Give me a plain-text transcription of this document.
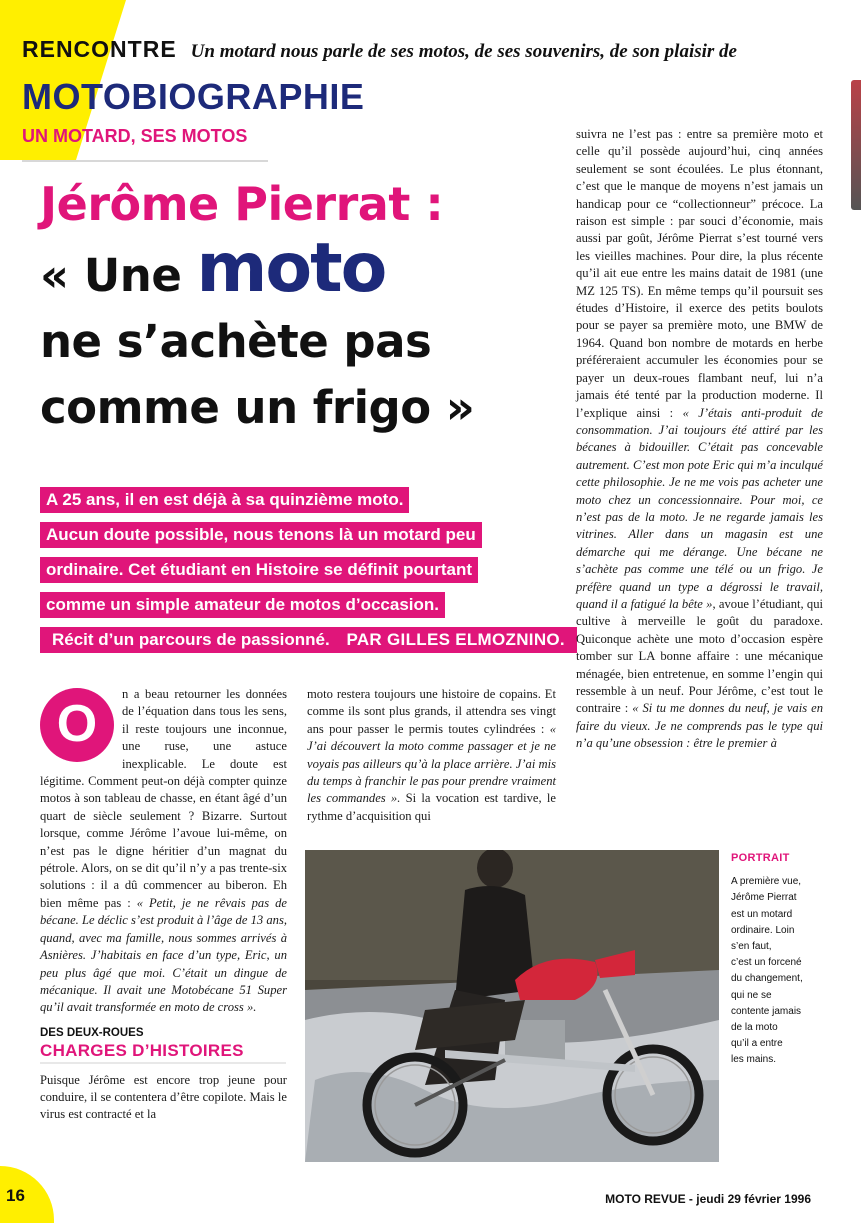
RENCONTRE Un motard nous parle de ses motos, de ses souvenirs, de son plaisir de
MOTOBIOGRAPHIE
UN MOTARD, SES MOTOS
Jérôme Pierrat :
« Une moto
ne s’achète pas
comme un frigo »
A 25 ans, il en est déjà à sa quinzième moto.
Aucun doute possible, nous tenons là un motard peu
ordinaire. Cet étudiant en Histoire se définit pourtant
comme un simple amateur de motos d’occasion.
Récit d’un parcours de passionné. PAR GILLES ELMOZNINO.
O

n a beau retourner les données de l’équation dans tous les sens, il reste toujours une inconnue, une ruse, une astuce inexplicable. Le doute est légitime. Comment peut-on déjà compter quinze motos à son tableau de chasse, en étant âgé d’un quart de siècle seulement ? Bizarre. Surtout lorsque, comme Jérôme l’avoue lui-même, on n’est pas le digne héritier d’un magnat du pétrole. Alors, on se dit qu’il n’y a pas trente-six solutions : il a dû commencer au biberon. Eh bien même pas : « Petit, je ne rêvais pas de bécane. Le déclic s’est produit à l’âge de 13 ans, quand, avec ma famille, nous sommes arrivés à Asnières. J’habitais en face d’un type, Eric, un peu plus âgé que moi. C’était un dingue de mécanique. Il avait une Motobécane 51 Super qu’il avait transformée en moto de cross ».

DES DEUX-ROUES
CHARGES D’HISTOIRES

Puisque Jérôme est encore trop jeune pour conduire, il se contentera d’être copilote. Mais le virus est contracté et la

moto restera toujours une histoire de copains. Et comme ils sont plus grands, il attendra ses vingt ans pour passer le permis toutes cylindrées : « J’ai découvert la moto comme passager et je ne voyais pas ailleurs qu’à la place arrière. J’ai mis du temps à franchir le pas pour prendre vraiment les commandes ». Si la vocation est tardive, le rythme d’acquisition qui

suivra ne l’est pas : entre sa première moto et celle qu’il possède aujourd’hui, cinq années seulement se sont écoulées. Le plus étonnant, c’est que le manque de moyens n’est jamais un handicap pour ce “collectionneur” précoce. La raison est simple : par souci d’économie, mais aussi par goût, Jérôme Pierrat s’est tourné vers les vieilles machines. Pour dire, la plus récente qu’il ait eue entre les mains datait de 1981 (une MZ 125 TS). En même temps qu’il poursuit ses études d’Histoire, il exerce des petits boulots pour se payer sa première moto, une BMW de 1964. Quand bon nombre de motards en herbe préféreraient accumuler les économies pour se payer un deux-roues flambant neuf, lui n’a jamais été tenté par la production moderne. Il l’explique ainsi : « J’étais anti-produit de consommation. J’ai toujours été attiré par les bécanes à bidouiller. C’était pas concevable autrement. C’est mon pote Eric qui m’a inculqué cette philosophie. Je ne me vois pas acheter une moto chez un concessionnaire. Pour moi, ce n’est pas de la moto. Je ne regarde jamais les vitrines. Aller dans un magasin est une démarche qui me dérange. Une bécane ne s’achète pas comme une télé ou un frigo. Je préfère quand un type a dégrossi le travail, quand il a fatigué la bête », avoue l’étudiant, qui cultive à merveille le goût du paradoxe. Quiconque achète une moto d’occasion espère tomber sur LA bonne affaire : une mécanique ménagée, bien entretenue, en somme l’engin qui ressemble à un neuf. Pour Jérôme, c’est tout le contraire : « Si tu me donnes du neuf, je vais en faire du vieux. Je ne comprends pas le type qui n’a qu’une obsession : être le premier à

PORTRAIT
A première vue,
Jérôme Pierrat
est un motard
ordinaire. Loin
s’en faut,
c’est un forcené
du changement,
qui ne se
contente jamais
de la moto
qu’il a entre
les mains.
16	MOTO REVUE - jeudi 29 février 1996
